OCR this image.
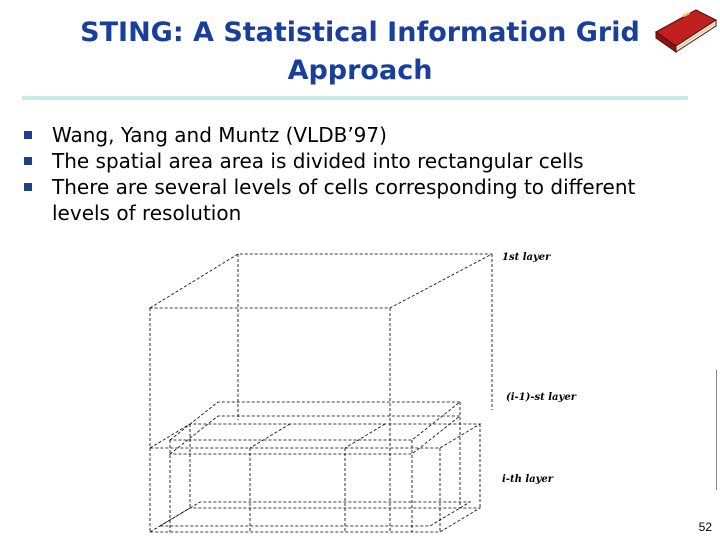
STING: A Statistical Information Grid
Approach
Wang, Yang and Muntz (VLDB’97)
The spatial area area is divided into rectangular cells
There are several levels of cells corresponding to different levels of resolution
1st layer
(i-1)-st layer
i-th layer
52
